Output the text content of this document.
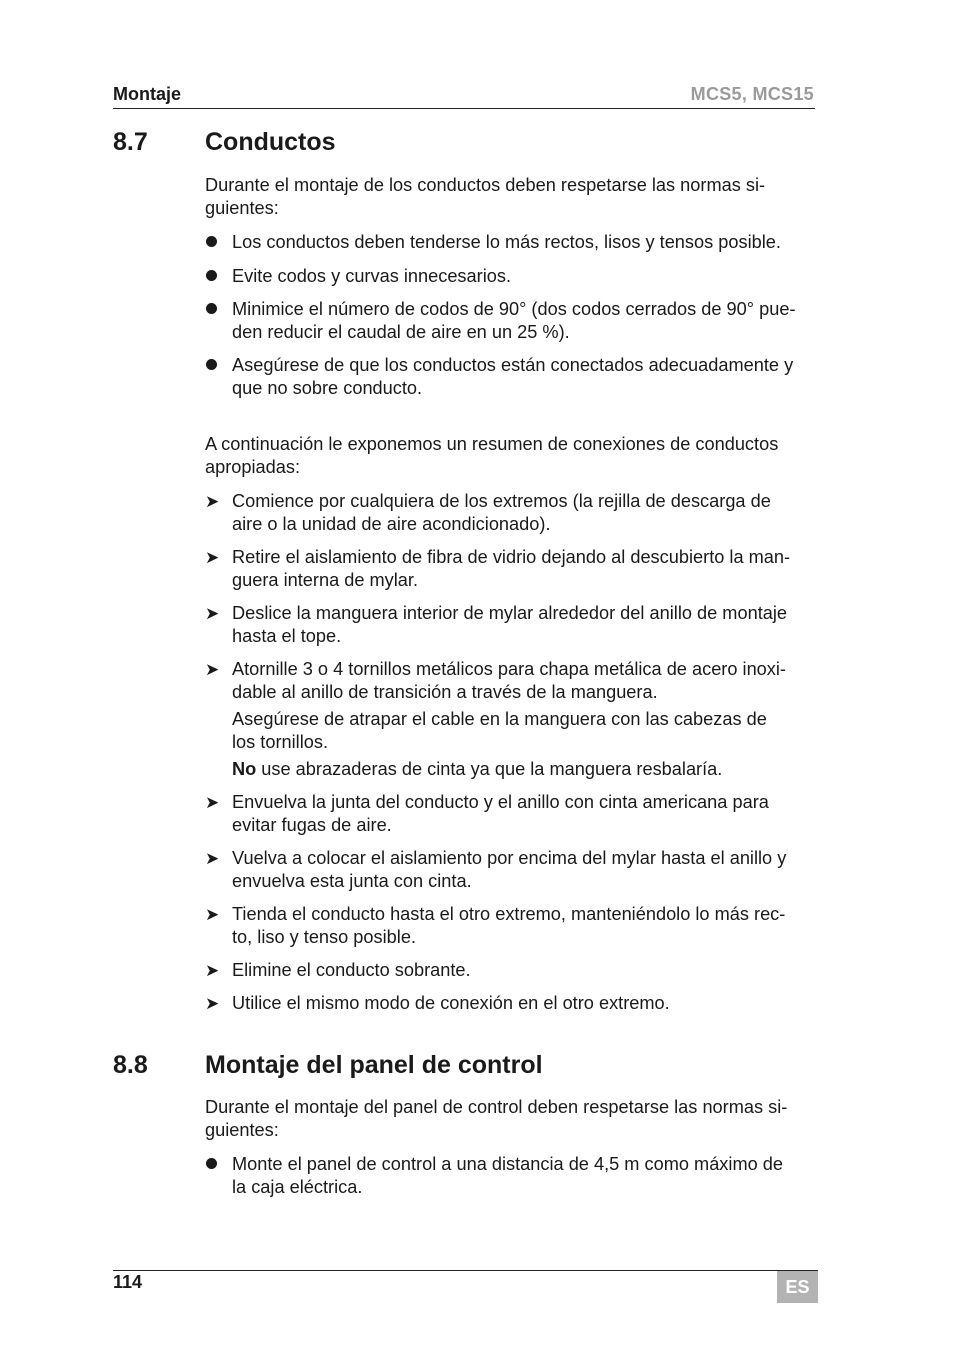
Montaje	MCS5, MCS15
8.7 Conductos

Durante el montaje de los conductos deben respetarse las normas si-
guientes:

Los conductos deben tenderse lo más rectos, lisos y tensos posible.
Evite codos y curvas innecesarios.
Minimice el número de codos de 90° (dos codos cerrados de 90° pue-
den reducir el caudal de aire en un 25 %).
Asegúrese de que los conductos están conectados adecuadamente y
que no sobre conducto.

A continuación le exponemos un resumen de conexiones de conductos
apropiadas:

➤ Comience por cualquiera de los extremos (la rejilla de descarga de
aire o la unidad de aire acondicionado).
➤ Retire el aislamiento de fibra de vidrio dejando al descubierto la man-
guera interna de mylar.
➤ Deslice la manguera interior de mylar alrededor del anillo de montaje
hasta el tope.
➤ Atornille 3 o 4 tornillos metálicos para chapa metálica de acero inoxi-
dable al anillo de transición a través de la manguera.
Asegúrese de atrapar el cable en la manguera con las cabezas de
los tornillos.
No use abrazaderas de cinta ya que la manguera resbalaría.
➤ Envuelva la junta del conducto y el anillo con cinta americana para
evitar fugas de aire.
➤ Vuelva a colocar el aislamiento por encima del mylar hasta el anillo y
envuelva esta junta con cinta.
➤ Tienda el conducto hasta el otro extremo, manteniéndolo lo más rec-
to, liso y tenso posible.
➤ Elimine el conducto sobrante.
➤ Utilice el mismo modo de conexión en el otro extremo.
8.8 Montaje del panel de control

Durante el montaje del panel de control deben respetarse las normas si-
guientes:

Monte el panel de control a una distancia de 4,5 m como máximo de
la caja eléctrica.
114	ES
